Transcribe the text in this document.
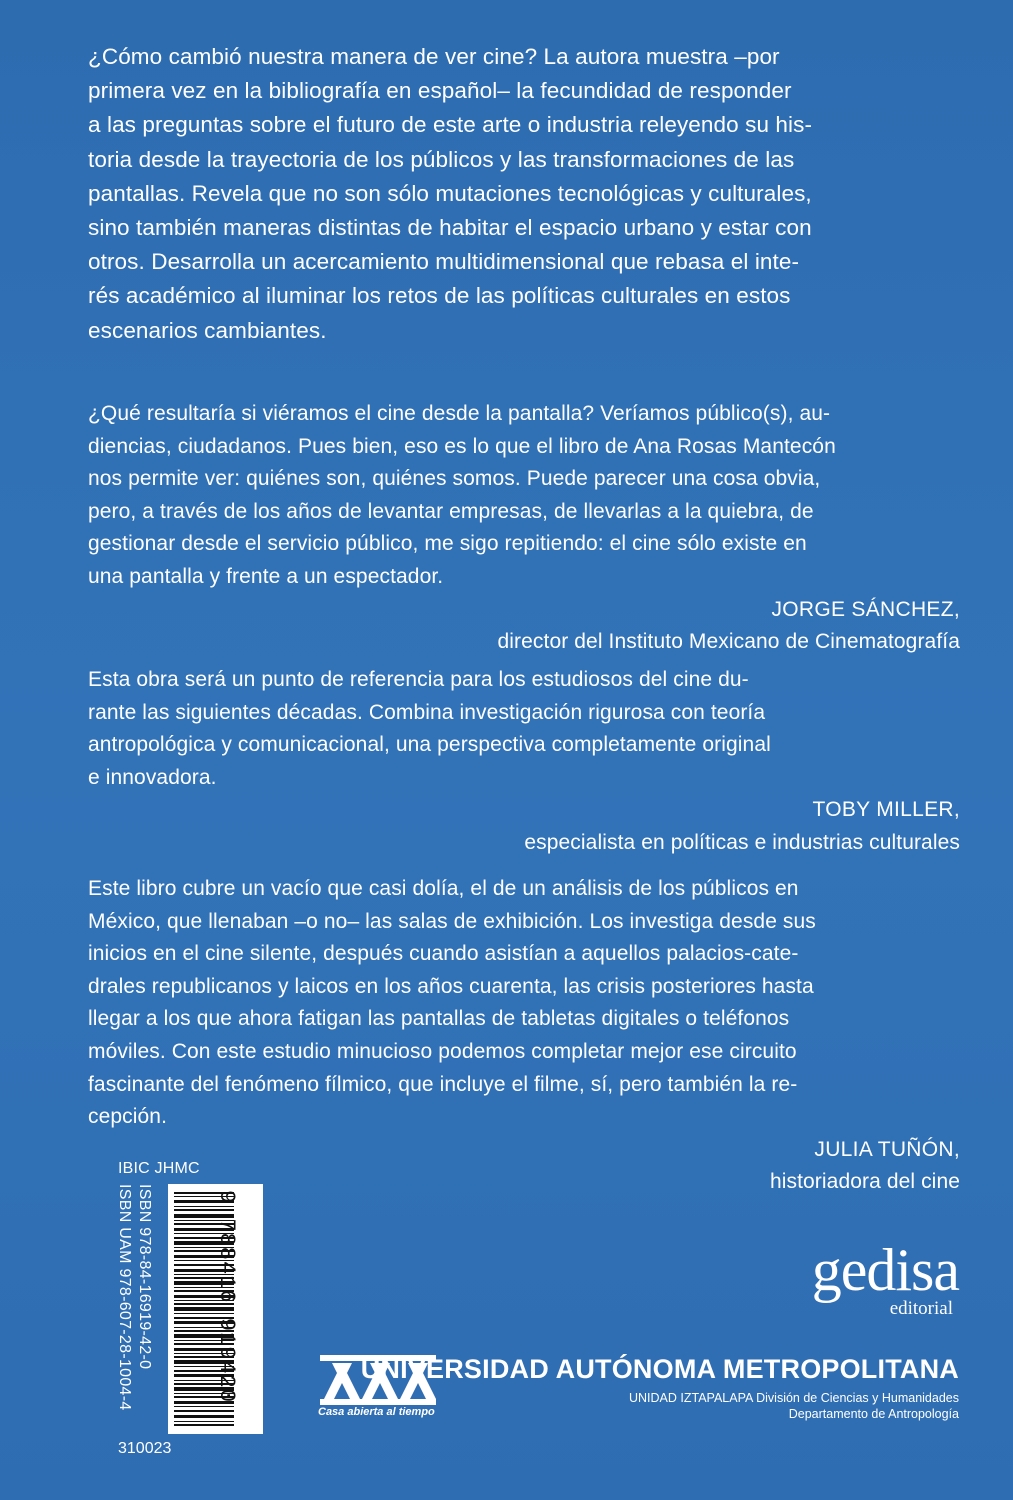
¿Cómo cambió nuestra manera de ver cine? La autora muestra –por

primera vez en la bibliografía en español– la fecundidad de responder

a las preguntas sobre el futuro de este arte o industria releyendo su his-

toria desde la trayectoria de los públicos y las transformaciones de las

pantallas. Revela que no son sólo mutaciones tecnológicas y culturales,

sino también maneras distintas de habitar el espacio urbano y estar con

otros. Desarrolla un acercamiento multidimensional que rebasa el inte-

rés académico al iluminar los retos de las políticas culturales en estos

escenarios cambiantes.

¿Qué resultaría si viéramos el cine desde la pantalla? Veríamos público(s), au-

diencias, ciudadanos. Pues bien, eso es lo que el libro de Ana Rosas Mantecón

nos permite ver: quiénes son, quiénes somos. Puede parecer una cosa obvia,

pero, a través de los años de levantar empresas, de llevarlas a la quiebra, de

gestionar desde el servicio público, me sigo repitiendo: el cine sólo existe en

una pantalla y frente a un espectador.

JORGE SÁNCHEZ,

director del Instituto Mexicano de Cinematografía

Esta obra será un punto de referencia para los estudiosos del cine du-

rante las siguientes décadas. Combina investigación rigurosa con teoría

antropológica y comunicacional, una perspectiva completamente original

e innovadora.

TOBY MILLER,

especialista en políticas e industrias culturales

Este libro cubre un vacío que casi dolía, el de un análisis de los públicos en

México, que llenaban –o no– las salas de exhibición. Los investiga desde sus

inicios en el cine silente, después cuando asistían a aquellos palacios-cate-

drales republicanos y laicos en los años cuarenta, las crisis posteriores hasta

llegar a los que ahora fatigan las pantallas de tabletas digitales o teléfonos

móviles. Con este estudio minucioso podemos completar mejor ese circuito

fascinante del fenómeno fílmico, que incluye el filme, sí, pero también la re-

cepción.

JULIA TUÑÓN,

historiadora del cine

IBIC JHMC
ISBN 978-84-16919-42-0
ISBN UAM 978-607-28-1004-4	9 788416 919420
310023
gedisa
editorial
Casa abierta al tiempo
UNIVERSIDAD AUTÓNOMA METROPOLITANA
UNIDAD IZTAPALAPA División de Ciencias y Humanidades
Departamento de Antropología
